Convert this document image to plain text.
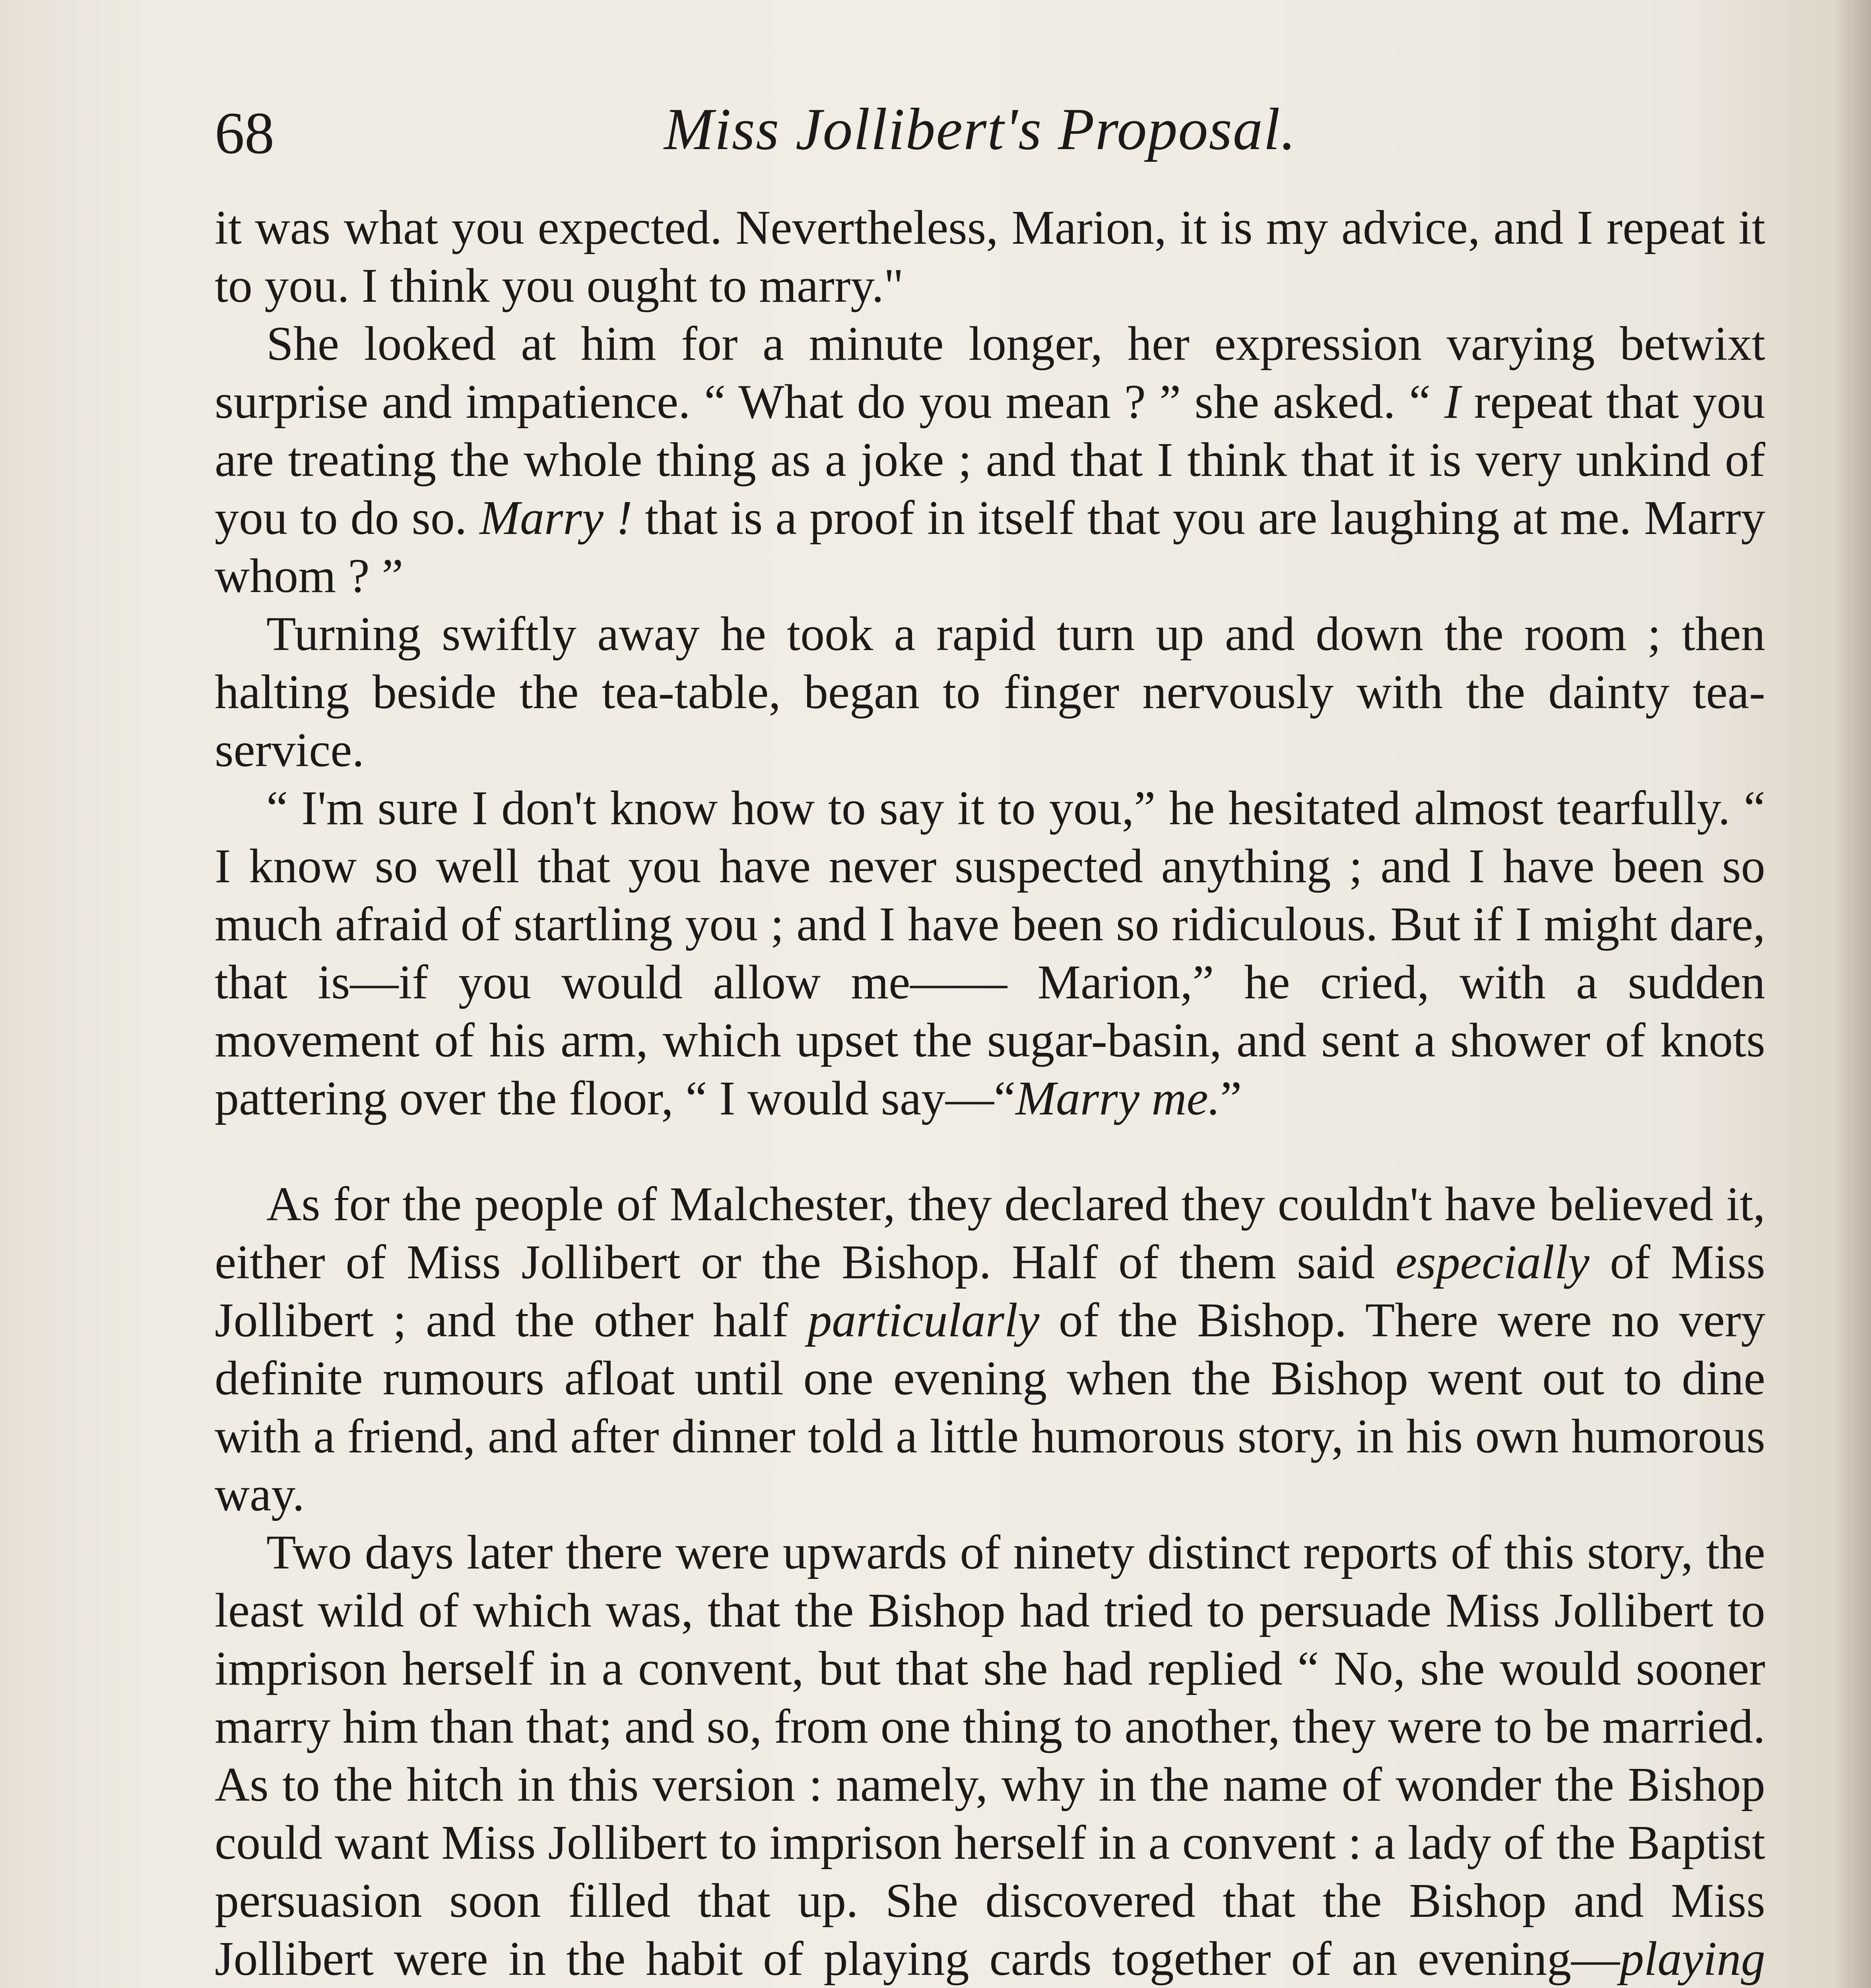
68	Miss Jollibert's Proposal.

it was what you expected. Nevertheless, Marion, it is my advice, and I repeat it to you. I think you ought to marry."

She looked at him for a minute longer, her expression varying betwixt surprise and impatience. “ What do you mean ? ” she asked. “ I repeat that you are treating the whole thing as a joke ; and that I think that it is very unkind of you to do so. Marry ! that is a proof in itself that you are laughing at me. Marry whom ? ”

Turning swiftly away he took a rapid turn up and down the room ; then halting beside the tea-table, began to finger nervously with the dainty tea-service.

“ I'm sure I don't know how to say it to you,” he hesitated almost tearfully. “ I know so well that you have never suspected anything ; and I have been so much afraid of startling you ; and I have been so ridiculous. But if I might dare, that is—if you would allow me—— Marion,” he cried, with a sudden movement of his arm, which upset the sugar-basin, and sent a shower of knots pattering over the floor, “ I would say—“Marry me.”

As for the people of Malchester, they declared they couldn't have believed it, either of Miss Jollibert or the Bishop. Half of them said especially of Miss Jollibert ; and the other half particularly of the Bishop. There were no very definite rumours afloat until one evening when the Bishop went out to dine with a friend, and after dinner told a little humorous story, in his own humorous way.

Two days later there were upwards of ninety distinct reports of this story, the least wild of which was, that the Bishop had tried to persuade Miss Jollibert to imprison herself in a convent, but that she had replied “ No, she would sooner marry him than that; and so, from one thing to another, they were to be married. As to the hitch in this version : namely, why in the name of wonder the Bishop could want Miss Jollibert to imprison herself in a convent : a lady of the Baptist persuasion soon filled that up. She discovered that the Bishop and Miss Jollibert were in the habit of playing cards together of an evening—playing
